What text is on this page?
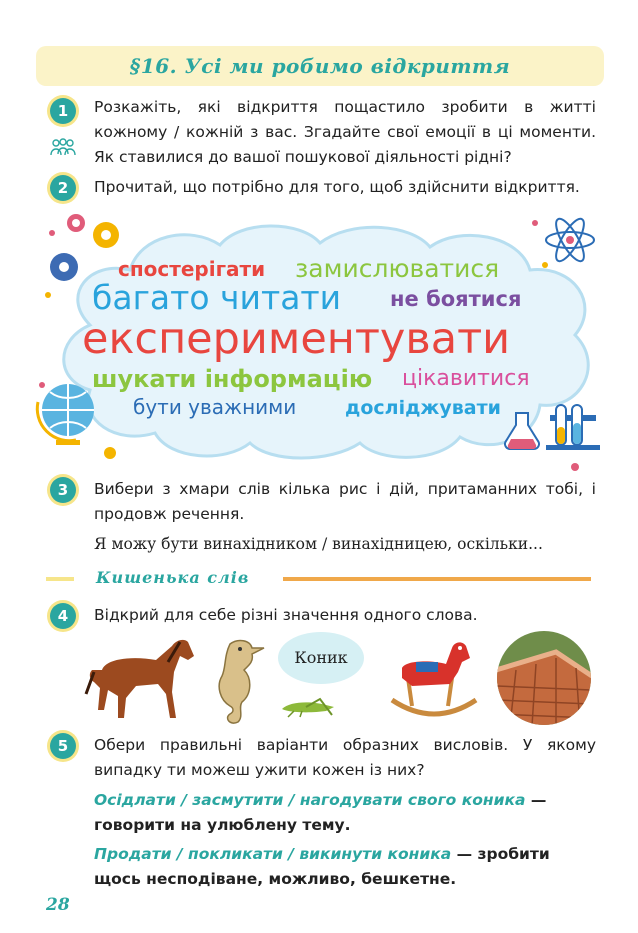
§16. Усі ми робимо відкриття
1	Розкажіть, які відкриття пощастило зробити в житті кожному / кожній з вас. Згадайте свої емоції в ці моменти. Як ставилися до вашої пошукової діяльності рідні?
2	Прочитай, що потрібно для того, щоб здійснити відкриття.
спостерігати замислюватися
багато читати не боятися
експериментувати
шукати інформацію цікавитися
бути уважними	досліджувати
3	Вибери з хмари слів кілька рис і дій, притаманних тобі, і продовж речення.
Я можу бути винахідником / винахідницею, оскільки...
Кишенька слів
4	Відкрий для себе різні значення одного слова.
Коник
5	Обери правильні варіанти образних висловів. У якому випадку ти можеш ужити кожен із них?
Осідлати / засмутити / нагодувати свого коника — говорити на улюблену тему.
Продати / покликати / викинути коника — зробити щось несподіване, можливо, бешкетне.
28
